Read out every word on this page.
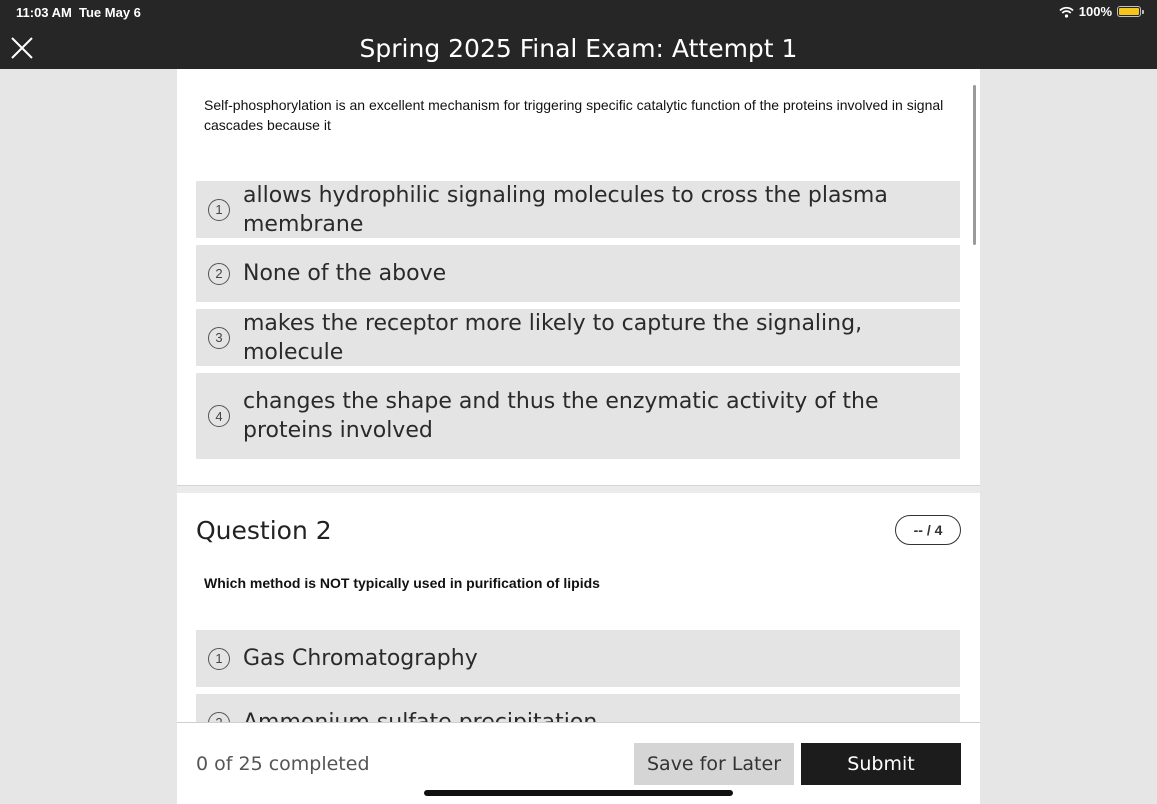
11:03 AM Tue May 6	100%
Spring 2025 Final Exam: Attempt 1
Self-phosphorylation is an excellent mechanism for triggering specific catalytic function of the proteins involved in signal cascades because it
1
allows hydrophilic signaling molecules to cross the plasma membrane
2 None of the above
3
makes the receptor more likely to capture the signaling, molecule
4
changes the shape and thus the enzymatic activity of the proteins involved
Question 2	-- / 4
Which method is NOT typically used in purification of lipids
1 Gas Chromatography
0 of 25 completed	Save for Later	Submit
